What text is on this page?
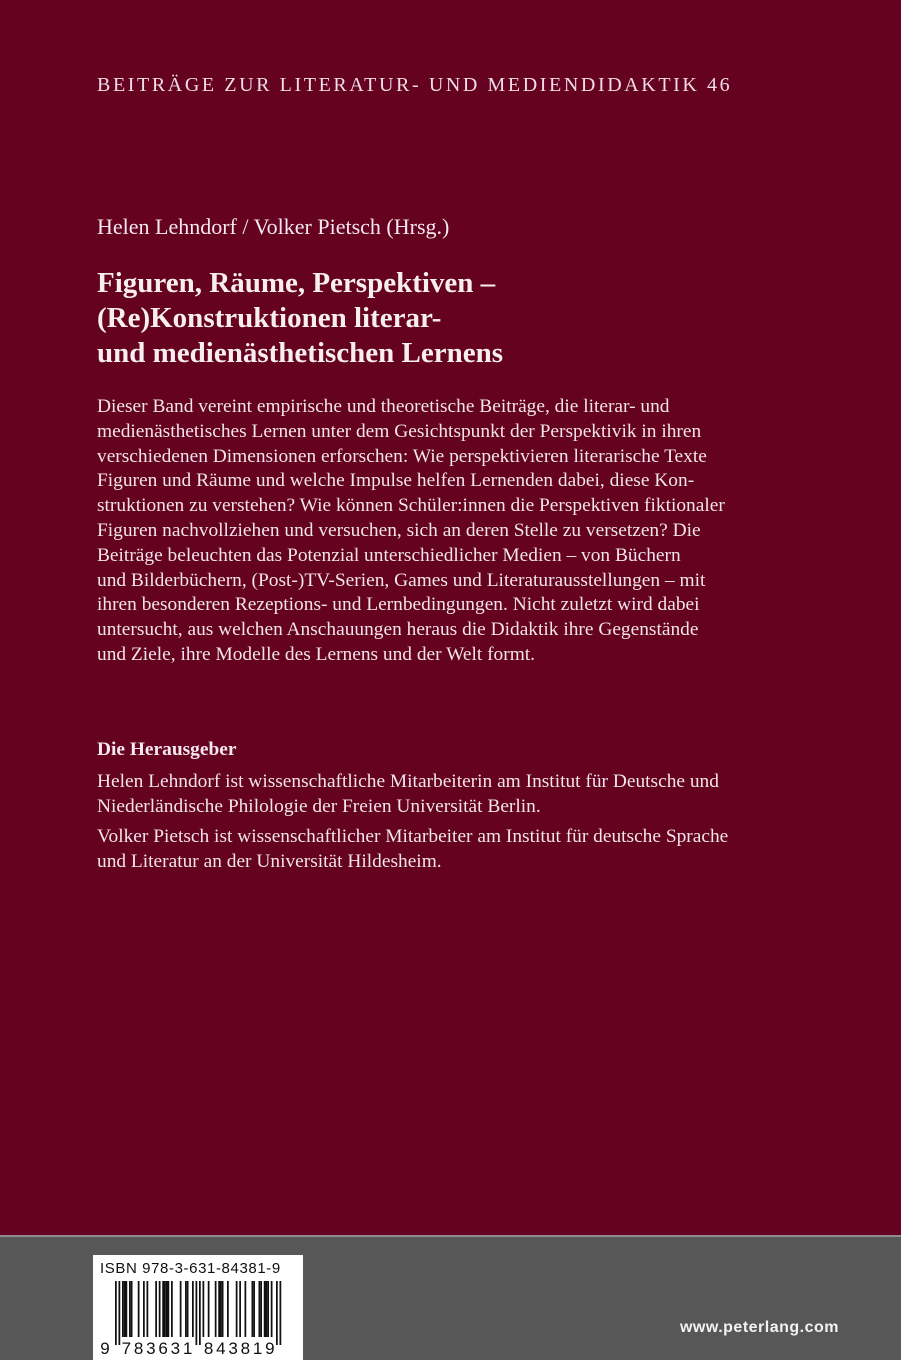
BEITRÄGE ZUR LITERATUR- UND MEDIENDIDAKTIK 46
Helen Lehndorf / Volker Pietsch (Hrsg.)
Figuren, Räume, Perspektiven –
(Re)Konstruktionen literar-
und medienästhetischen Lernens
Dieser Band vereint empirische und theoretische Beiträge, die literar- und
medienästhetisches Lernen unter dem Gesichtspunkt der Perspektivik in ihren
verschiedenen Dimensionen erforschen: Wie perspektivieren literarische Texte
Figuren und Räume und welche Impulse helfen Lernenden dabei, diese Kon-
struktionen zu verstehen? Wie können Schüler:innen die Perspektiven fiktionaler
Figuren nachvollziehen und versuchen, sich an deren Stelle zu versetzen? Die
Beiträge beleuchten das Potenzial unterschiedlicher Medien – von Büchern
und Bilderbüchern, (Post-)TV-Serien, Games und Literaturausstellungen – mit
ihren besonderen Rezeptions- und Lernbedingungen. Nicht zuletzt wird dabei
untersucht, aus welchen Anschauungen heraus die Didaktik ihre Gegenstände
und Ziele, ihre Modelle des Lernens und der Welt formt.
Die Herausgeber
Helen Lehndorf ist wissenschaftliche Mitarbeiterin am Institut für Deutsche und
Niederländische Philologie der Freien Universität Berlin.
Volker Pietsch ist wissenschaftlicher Mitarbeiter am Institut für deutsche Sprache
und Literatur an der Universität Hildesheim.
9 7 8 3 6 3 1 8 4 3 8 1 9
ISBN 978-3-631-84381-9
www.peterlang.com
